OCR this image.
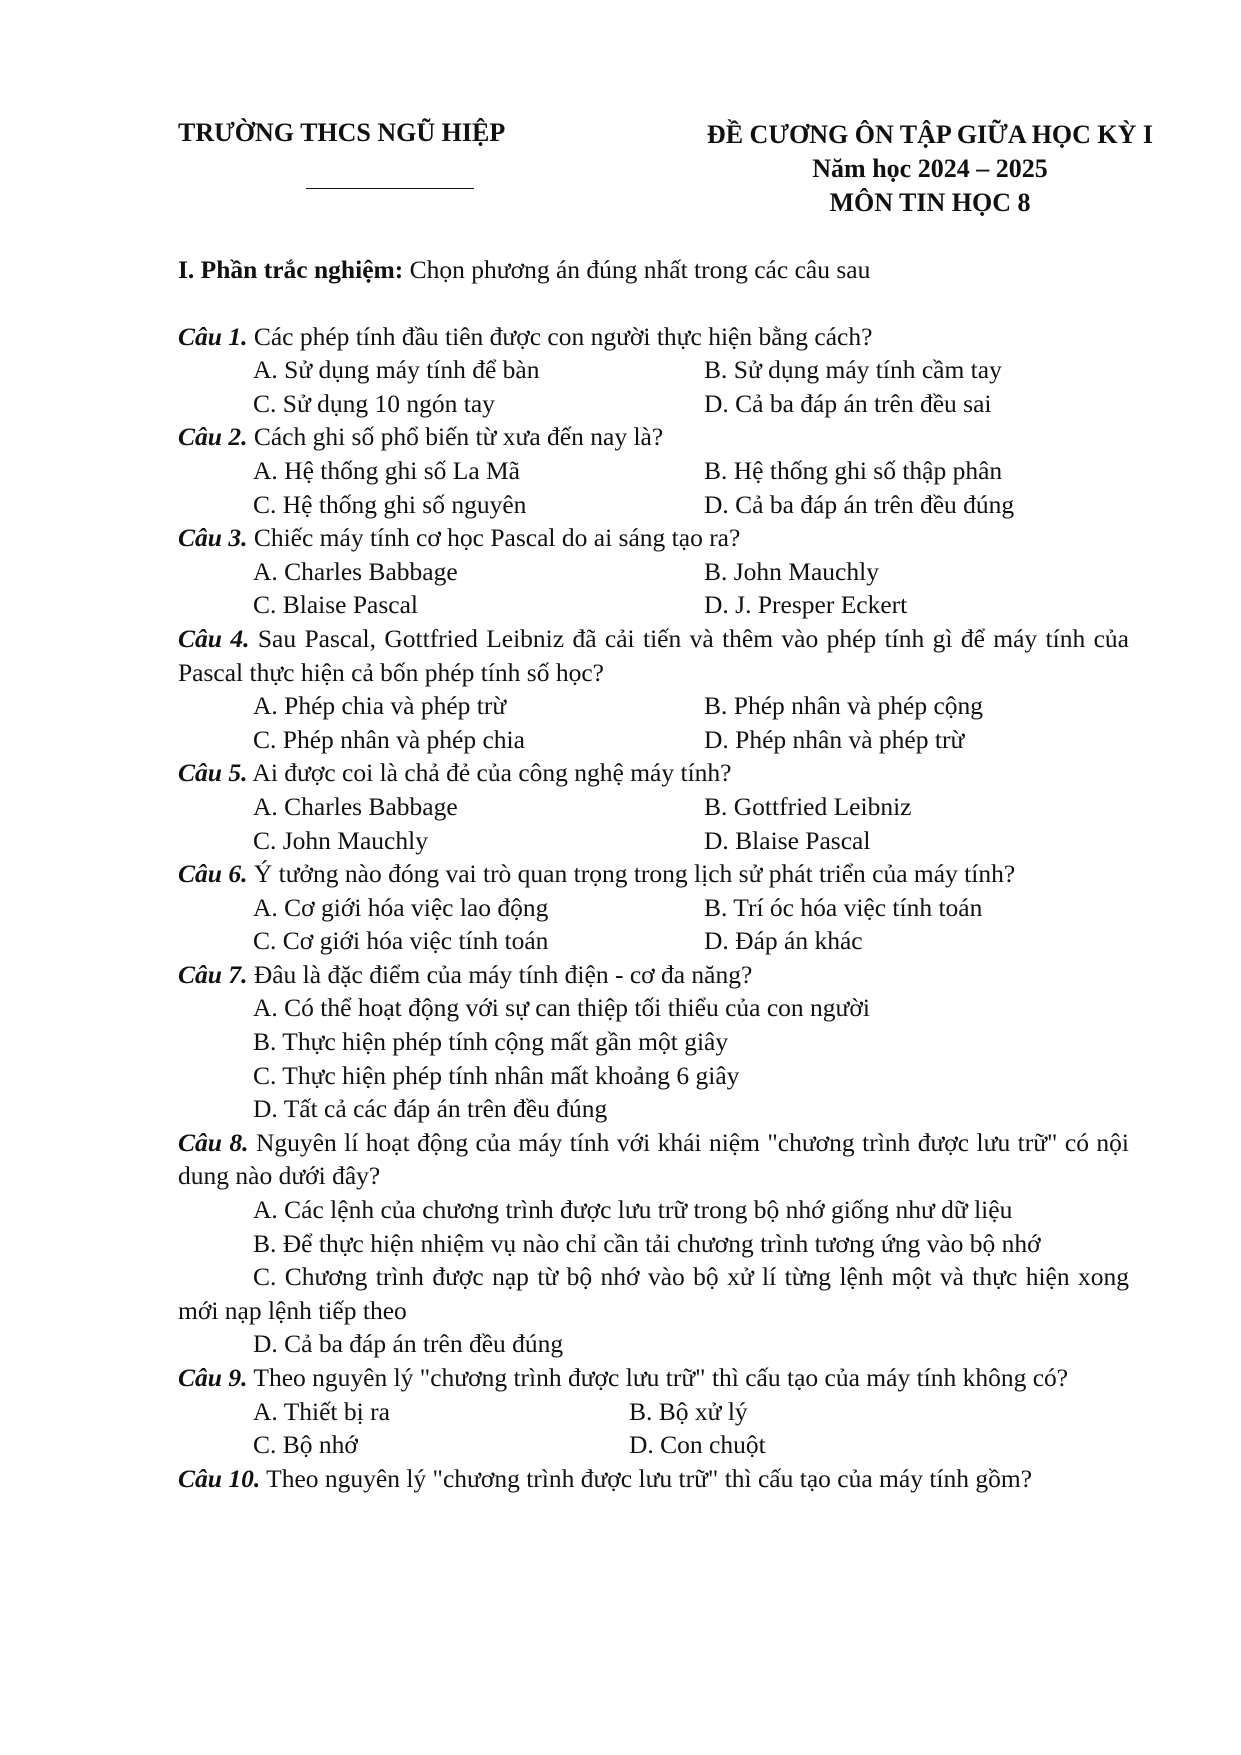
TRƯỜNG THCS NGŨ HIỆP	ĐỀ CƯƠNG ÔN TẬP GIỮA HỌC KỲ I
Năm học 2024 – 2025
MÔN TIN HỌC 8
I. Phần trắc nghiệm: Chọn phương án đúng nhất trong các câu sau
Câu 1. Các phép tính đầu tiên được con người thực hiện bằng cách?
A. Sử dụng máy tính để bàn	B. Sử dụng máy tính cầm tay
C. Sử dụng 10 ngón tay	D. Cả ba đáp án trên đều sai
Câu 2. Cách ghi số phổ biến từ xưa đến nay là?
A. Hệ thống ghi số La Mã	B. Hệ thống ghi số thập phân
C. Hệ thống ghi số nguyên	D. Cả ba đáp án trên đều đúng
Câu 3. Chiếc máy tính cơ học Pascal do ai sáng tạo ra?
A. Charles Babbage	B. John Mauchly
C. Blaise Pascal	D. J. Presper Eckert
Câu 4. Sau Pascal, Gottfried Leibniz đã cải tiến và thêm vào phép tính gì để máy tính của Pascal thực hiện cả bốn phép tính số học?
A. Phép chia và phép trừ	B. Phép nhân và phép cộng
C. Phép nhân và phép chia	D. Phép nhân và phép trừ
Câu 5. Ai được coi là chả đẻ của công nghệ máy tính?
A. Charles Babbage	B. Gottfried Leibniz
C. John Mauchly	D. Blaise Pascal
Câu 6. Ý tưởng nào đóng vai trò quan trọng trong lịch sử phát triển của máy tính?
A. Cơ giới hóa việc lao động	B. Trí óc hóa việc tính toán
C. Cơ giới hóa việc tính toán	D. Đáp án khác
Câu 7. Đâu là đặc điểm của máy tính điện - cơ đa năng?
A. Có thể hoạt động với sự can thiệp tối thiểu của con người
B. Thực hiện phép tính cộng mất gần một giây
C. Thực hiện phép tính nhân mất khoảng 6 giây
D. Tất cả các đáp án trên đều đúng
Câu 8. Nguyên lí hoạt động của máy tính với khái niệm "chương trình được lưu trữ" có nội dung nào dưới đây?
A. Các lệnh của chương trình được lưu trữ trong bộ nhớ giống như dữ liệu
B. Để thực hiện nhiệm vụ nào chỉ cần tải chương trình tương ứng vào bộ nhớ
C. Chương trình được nạp từ bộ nhớ vào bộ xử lí từng lệnh một và thực hiện xong mới nạp lệnh tiếp theo
D. Cả ba đáp án trên đều đúng
Câu 9. Theo nguyên lý "chương trình được lưu trữ" thì cấu tạo của máy tính không có?
A. Thiết bị ra	B. Bộ xử lý
C. Bộ nhớ	D. Con chuột
Câu 10. Theo nguyên lý "chương trình được lưu trữ" thì cấu tạo của máy tính gồm?
